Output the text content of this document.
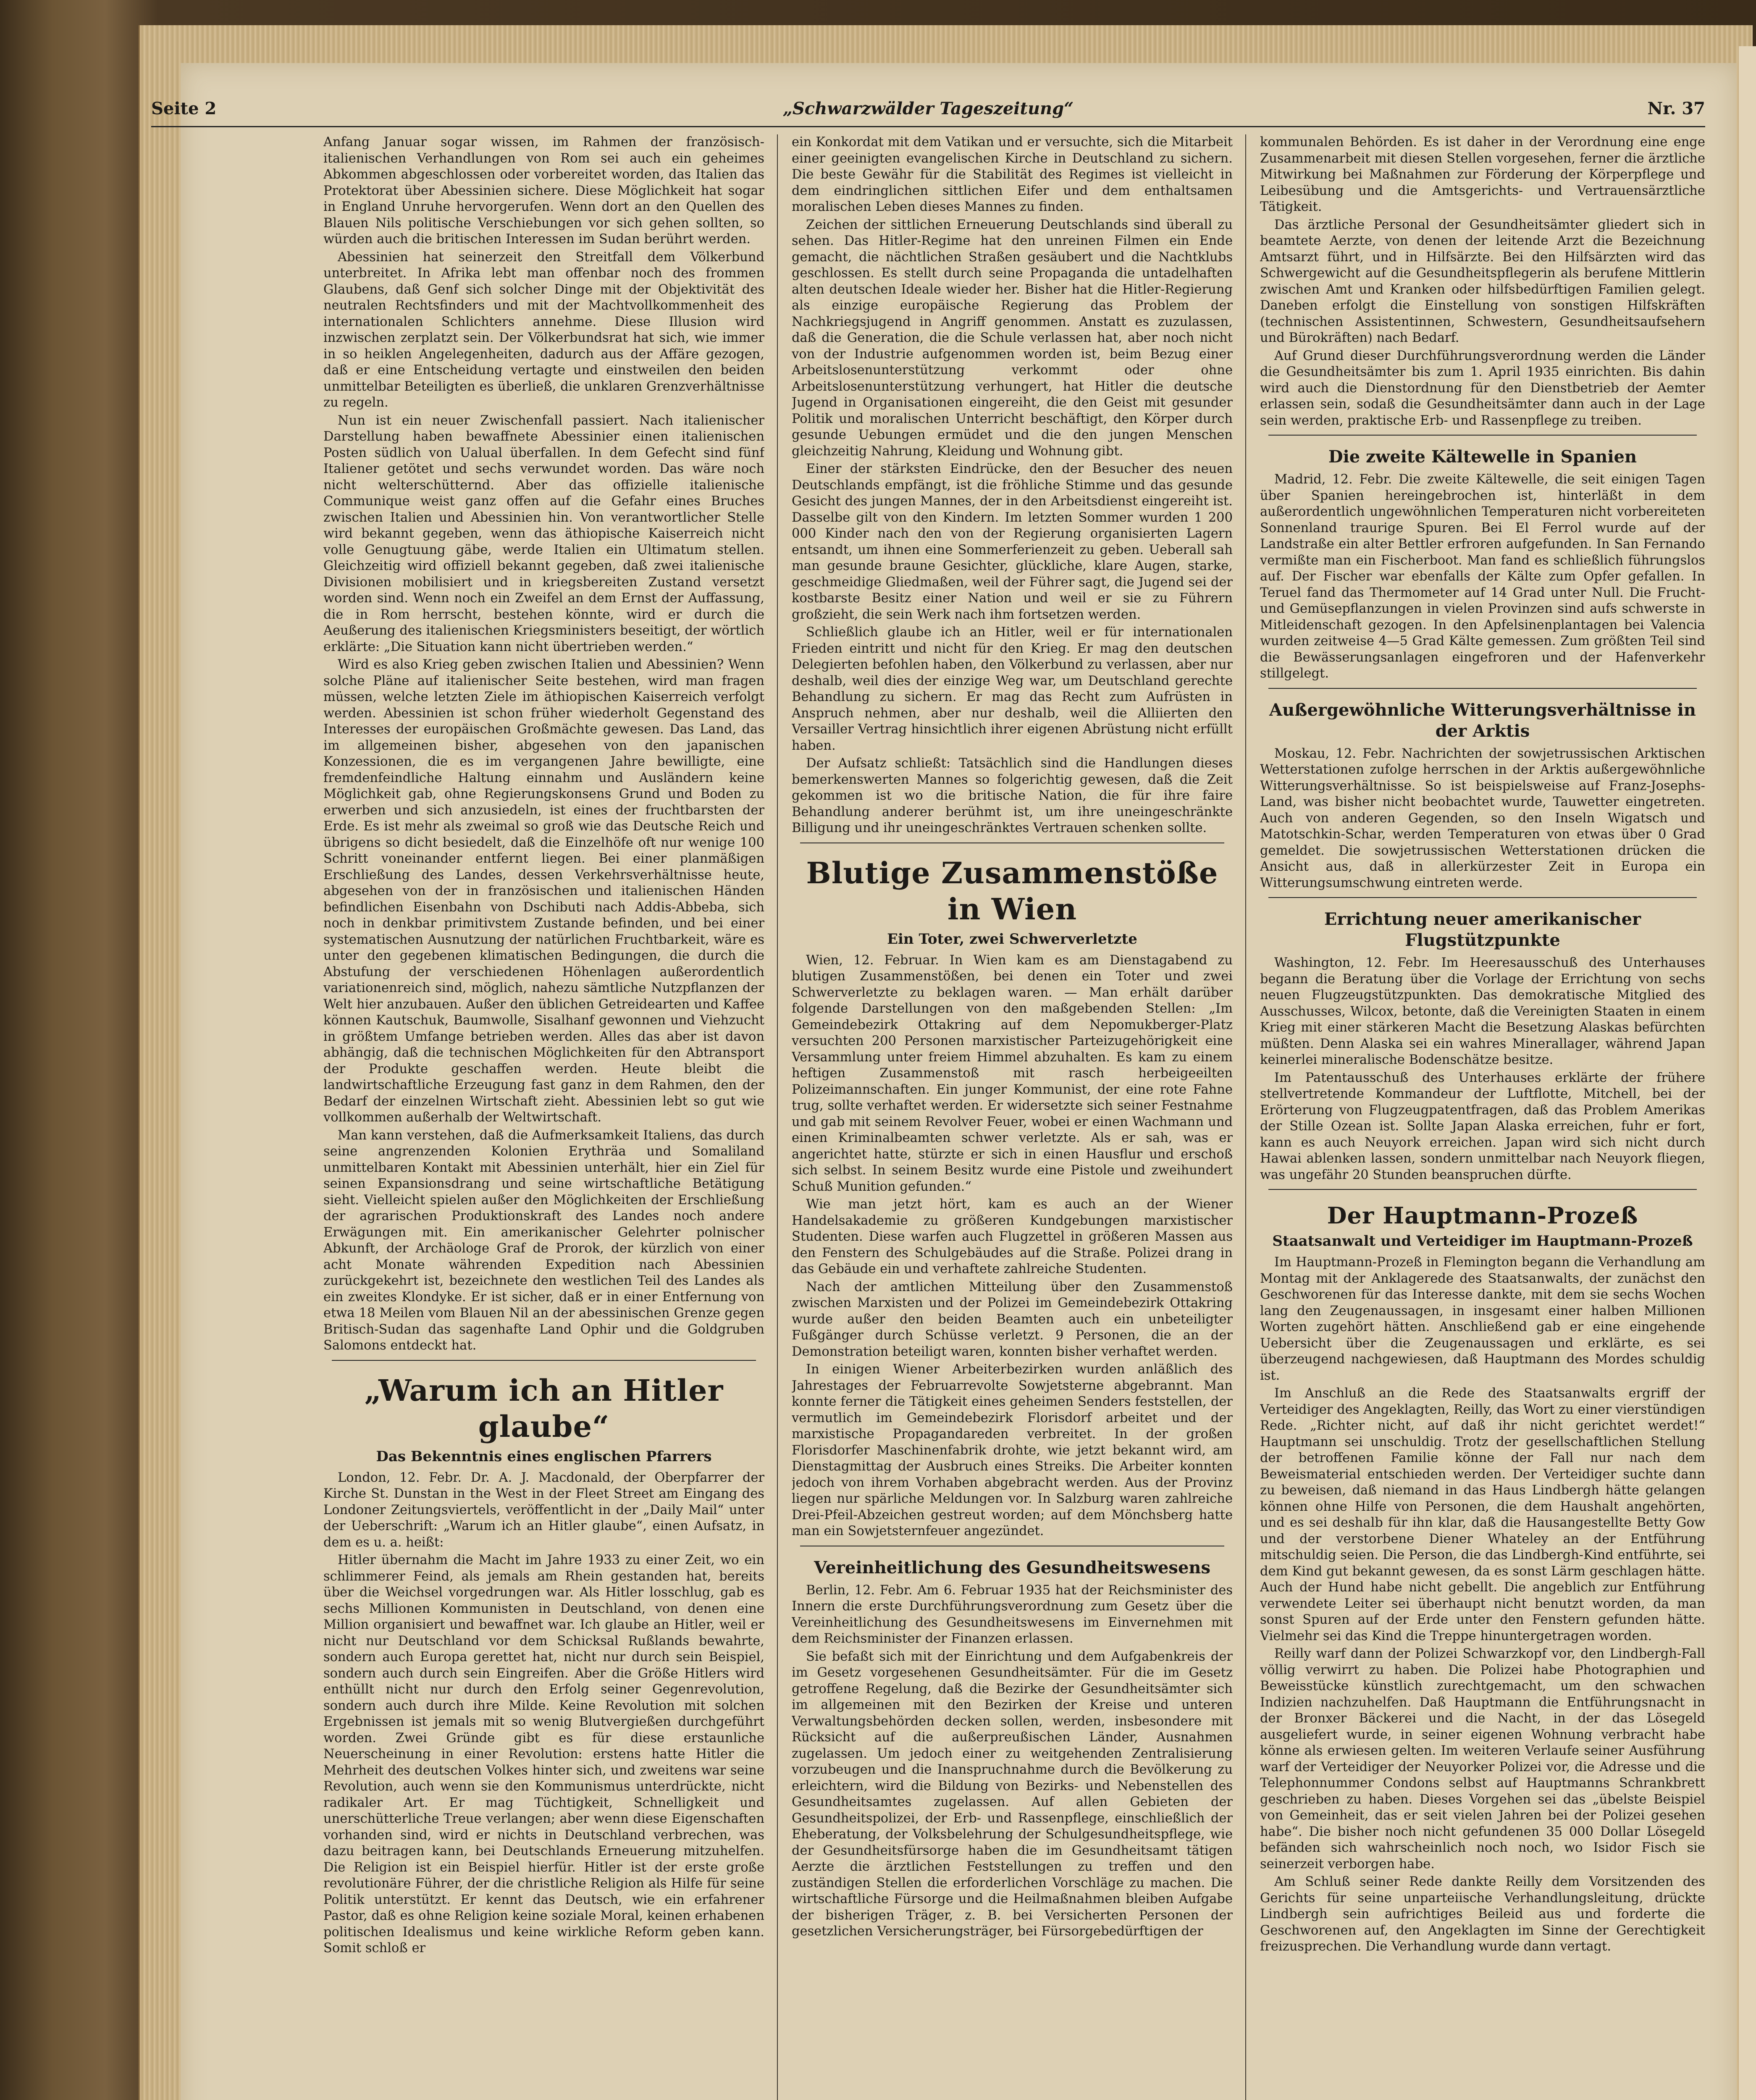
„Schwarzwälder Tageszeitung“
Seite 2	Nr. 37

Anfang Januar sogar wissen, im Rahmen der französisch-italienischen Verhandlungen von Rom sei auch ein geheimes Abkommen abgeschlossen oder vorbereitet worden, das Italien das Protektorat über Abessinien sichere. Diese Möglichkeit hat sogar in England Unruhe hervorgerufen. Wenn dort an den Quellen des Blauen Nils politische Verschiebungen vor sich gehen sollten, so würden auch die britischen Interessen im Sudan berührt werden.

Abessinien hat seinerzeit den Streitfall dem Völkerbund unterbreitet. In Afrika lebt man offenbar noch des frommen Glaubens, daß Genf sich solcher Dinge mit der Objektivität des neutralen Rechtsfinders und mit der Machtvollkommenheit des internationalen Schlichters annehme. Diese Illusion wird inzwischen zerplatzt sein. Der Völkerbundsrat hat sich, wie immer in so heiklen Angelegenheiten, dadurch aus der Affäre gezogen, daß er eine Entscheidung vertagte und einstweilen den beiden unmittelbar Beteiligten es überließ, die unklaren Grenzverhältnisse zu regeln.

Nun ist ein neuer Zwischenfall passiert. Nach italienischer Darstellung haben bewaffnete Abessinier einen italienischen Posten südlich von Ualual überfallen. In dem Gefecht sind fünf Italiener getötet und sechs verwundet worden. Das wäre noch nicht welterschütternd. Aber das offizielle italienische Communique weist ganz offen auf die Gefahr eines Bruches zwischen Italien und Abessinien hin. Von verantwortlicher Stelle wird bekannt gegeben, wenn das äthiopische Kaiserreich nicht volle Genugtuung gäbe, werde Italien ein Ultimatum stellen. Gleichzeitig wird offiziell bekannt gegeben, daß zwei italienische Divisionen mobilisiert und in kriegsbereiten Zustand versetzt worden sind. Wenn noch ein Zweifel an dem Ernst der Auffassung, die in Rom herrscht, bestehen könnte, wird er durch die Aeußerung des italienischen Kriegsministers beseitigt, der wörtlich erklärte: „Die Situation kann nicht übertrieben werden.“

Wird es also Krieg geben zwischen Italien und Abessinien? Wenn solche Pläne auf italienischer Seite bestehen, wird man fragen müssen, welche letzten Ziele im äthiopischen Kaiserreich verfolgt werden. Abessinien ist schon früher wiederholt Gegenstand des Interesses der europäischen Großmächte gewesen. Das Land, das im allgemeinen bisher, abgesehen von den japanischen Konzessionen, die es im vergangenen Jahre bewilligte, eine fremdenfeindliche Haltung einnahm und Ausländern keine Möglichkeit gab, ohne Regierungskonsens Grund und Boden zu erwerben und sich anzusiedeln, ist eines der fruchtbarsten der Erde. Es ist mehr als zweimal so groß wie das Deutsche Reich und übrigens so dicht besiedelt, daß die Einzelhöfe oft nur wenige 100 Schritt voneinander entfernt liegen. Bei einer planmäßigen Erschließung des Landes, dessen Verkehrsverhältnisse heute, abgesehen von der in französischen und italienischen Händen befindlichen Eisenbahn von Dschibuti nach Addis-Abbeba, sich noch in denkbar primitivstem Zustande befinden, und bei einer systematischen Ausnutzung der natürlichen Fruchtbarkeit, wäre es unter den gegebenen klimatischen Bedingungen, die durch die Abstufung der verschiedenen Höhenlagen außerordentlich variationenreich sind, möglich, nahezu sämtliche Nutzpflanzen der Welt hier anzubauen. Außer den üblichen Getreidearten und Kaffee können Kautschuk, Baumwolle, Sisalhanf gewonnen und Viehzucht in größtem Umfange betrieben werden. Alles das aber ist davon abhängig, daß die technischen Möglichkeiten für den Abtransport der Produkte geschaffen werden. Heute bleibt die landwirtschaftliche Erzeugung fast ganz in dem Rahmen, den der Bedarf der einzelnen Wirtschaft zieht. Abessinien lebt so gut wie vollkommen außerhalb der Weltwirtschaft.

Man kann verstehen, daß die Aufmerksamkeit Italiens, das durch seine angrenzenden Kolonien Erythräa und Somaliland unmittelbaren Kontakt mit Abessinien unterhält, hier ein Ziel für seinen Expansionsdrang und seine wirtschaftliche Betätigung sieht. Vielleicht spielen außer den Möglichkeiten der Erschließung der agrarischen Produktionskraft des Landes noch andere Erwägungen mit. Ein amerikanischer Gelehrter polnischer Abkunft, der Archäologe Graf de Prorok, der kürzlich von einer acht Monate währenden Expedition nach Abessinien zurückgekehrt ist, bezeichnete den westlichen Teil des Landes als ein zweites Klondyke. Er ist sicher, daß er in einer Entfernung von etwa 18 Meilen vom Blauen Nil an der abessinischen Grenze gegen Britisch-Sudan das sagenhafte Land Ophir und die Goldgruben Salomons entdeckt hat.

„Warum ich an Hitler glaube“
Das Bekenntnis eines englischen Pfarrers

London, 12. Febr. Dr. A. J. Macdonald, der Oberpfarrer der Kirche St. Dunstan in the West in der Fleet Street am Eingang des Londoner Zeitungsviertels, veröffentlicht in der „Daily Mail“ unter der Ueberschrift: „Warum ich an Hitler glaube“, einen Aufsatz, in dem es u. a. heißt:

Hitler übernahm die Macht im Jahre 1933 zu einer Zeit, wo ein schlimmerer Feind, als jemals am Rhein gestanden hat, bereits über die Weichsel vorgedrungen war. Als Hitler losschlug, gab es sechs Millionen Kommunisten in Deutschland, von denen eine Million organisiert und bewaffnet war. Ich glaube an Hitler, weil er nicht nur Deutschland vor dem Schicksal Rußlands bewahrte, sondern auch Europa gerettet hat, nicht nur durch sein Beispiel, sondern auch durch sein Eingreifen. Aber die Größe Hitlers wird enthüllt nicht nur durch den Erfolg seiner Gegenrevolution, sondern auch durch ihre Milde. Keine Revolution mit solchen Ergebnissen ist jemals mit so wenig Blutvergießen durchgeführt worden. Zwei Gründe gibt es für diese erstaunliche Neuerscheinung in einer Revolution: erstens hatte Hitler die Mehrheit des deutschen Volkes hinter sich, und zweitens war seine Revolution, auch wenn sie den Kommunismus unterdrückte, nicht radikaler Art. Er mag Tüchtigkeit, Schnelligkeit und unerschütterliche Treue verlangen; aber wenn diese Eigenschaften vorhanden sind, wird er nichts in Deutschland verbrechen, was dazu beitragen kann, bei Deutschlands Erneuerung mitzuhelfen. Die Religion ist ein Beispiel hierfür. Hitler ist der erste große revolutionäre Führer, der die christliche Religion als Hilfe für seine Politik unterstützt. Er kennt das Deutsch, wie ein erfahrener Pastor, daß es ohne Religion keine soziale Moral, keinen erhabenen politischen Idealismus und keine wirkliche Reform geben kann. Somit schloß er

ein Konkordat mit dem Vatikan und er versuchte, sich die Mitarbeit einer geeinigten evangelischen Kirche in Deutschland zu sichern. Die beste Gewähr für die Stabilität des Regimes ist vielleicht in dem eindringlichen sittlichen Eifer und dem enthaltsamen moralischen Leben dieses Mannes zu finden.

Zeichen der sittlichen Erneuerung Deutschlands sind überall zu sehen. Das Hitler-Regime hat den unreinen Filmen ein Ende gemacht, die nächtlichen Straßen gesäubert und die Nachtklubs geschlossen. Es stellt durch seine Propaganda die untadelhaften alten deutschen Ideale wieder her. Bisher hat die Hitler-Regierung als einzige europäische Regierung das Problem der Nachkriegsjugend in Angriff genommen. Anstatt es zuzulassen, daß die Generation, die die Schule verlassen hat, aber noch nicht von der Industrie aufgenommen worden ist, beim Bezug einer Arbeitslosenunterstützung verkommt oder ohne Arbeitslosenunterstützung verhungert, hat Hitler die deutsche Jugend in Organisationen eingereiht, die den Geist mit gesunder Politik und moralischen Unterricht beschäftigt, den Körper durch gesunde Uebungen ermüdet und die den jungen Menschen gleichzeitig Nahrung, Kleidung und Wohnung gibt.

Einer der stärksten Eindrücke, den der Besucher des neuen Deutschlands empfängt, ist die fröhliche Stimme und das gesunde Gesicht des jungen Mannes, der in den Arbeitsdienst eingereiht ist. Dasselbe gilt von den Kindern. Im letzten Sommer wurden 1 200 000 Kinder nach den von der Regierung organisierten Lagern entsandt, um ihnen eine Sommerferienzeit zu geben. Ueberall sah man gesunde braune Gesichter, glückliche, klare Augen, starke, geschmeidige Gliedmaßen, weil der Führer sagt, die Jugend sei der kostbarste Besitz einer Nation und weil er sie zu Führern großzieht, die sein Werk nach ihm fortsetzen werden.

Schließlich glaube ich an Hitler, weil er für internationalen Frieden eintritt und nicht für den Krieg. Er mag den deutschen Delegierten befohlen haben, den Völkerbund zu verlassen, aber nur deshalb, weil dies der einzige Weg war, um Deutschland gerechte Behandlung zu sichern. Er mag das Recht zum Aufrüsten in Anspruch nehmen, aber nur deshalb, weil die Alliierten den Versailler Vertrag hinsichtlich ihrer eigenen Abrüstung nicht erfüllt haben.

Der Aufsatz schließt: Tatsächlich sind die Handlungen dieses bemerkenswerten Mannes so folgerichtig gewesen, daß die Zeit gekommen ist wo die britische Nation, die für ihre faire Behandlung anderer berühmt ist, um ihre uneingeschränkte Billigung und ihr uneingeschränktes Vertrauen schenken sollte.

Blutige Zusammenstöße in Wien
Ein Toter, zwei Schwerverletzte

Wien, 12. Februar. In Wien kam es am Dienstagabend zu blutigen Zusammenstößen, bei denen ein Toter und zwei Schwerverletzte zu beklagen waren. — Man erhält darüber folgende Darstellungen von den maßgebenden Stellen: „Im Gemeindebezirk Ottakring auf dem Nepomukberger-Platz versuchten 200 Personen marxistischer Parteizugehörigkeit eine Versammlung unter freiem Himmel abzuhalten. Es kam zu einem heftigen Zusammenstoß mit rasch herbeigeeilten Polizeimannschaften. Ein junger Kommunist, der eine rote Fahne trug, sollte verhaftet werden. Er widersetzte sich seiner Festnahme und gab mit seinem Revolver Feuer, wobei er einen Wachmann und einen Kriminalbeamten schwer verletzte. Als er sah, was er angerichtet hatte, stürzte er sich in einen Hausflur und erschoß sich selbst. In seinem Besitz wurde eine Pistole und zweihundert Schuß Munition gefunden.“

Wie man jetzt hört, kam es auch an der Wiener Handelsakademie zu größeren Kundgebungen marxistischer Studenten. Diese warfen auch Flugzettel in größeren Massen aus den Fenstern des Schulgebäudes auf die Straße. Polizei drang in das Gebäude ein und verhaftete zahlreiche Studenten.

Nach der amtlichen Mitteilung über den Zusammenstoß zwischen Marxisten und der Polizei im Gemeindebezirk Ottakring wurde außer den beiden Beamten auch ein unbeteiligter Fußgänger durch Schüsse verletzt. 9 Personen, die an der Demonstration beteiligt waren, konnten bisher verhaftet werden.

In einigen Wiener Arbeiterbezirken wurden anläßlich des Jahrestages der Februarrevolte Sowjetsterne abgebrannt. Man konnte ferner die Tätigkeit eines geheimen Senders feststellen, der vermutlich im Gemeindebezirk Florisdorf arbeitet und der marxistische Propagandareden verbreitet. In der großen Florisdorfer Maschinenfabrik drohte, wie jetzt bekannt wird, am Dienstagmittag der Ausbruch eines Streiks. Die Arbeiter konnten jedoch von ihrem Vorhaben abgebracht werden. Aus der Provinz liegen nur spärliche Meldungen vor. In Salzburg waren zahlreiche Drei-Pfeil-Abzeichen gestreut worden; auf dem Mönchsberg hatte man ein Sowjetsternfeuer angezündet.

Vereinheitlichung des Gesundheitswesens

Berlin, 12. Febr. Am 6. Februar 1935 hat der Reichsminister des Innern die erste Durchführungsverordnung zum Gesetz über die Vereinheitlichung des Gesundheitswesens im Einvernehmen mit dem Reichsminister der Finanzen erlassen.

Sie befaßt sich mit der Einrichtung und dem Aufgabenkreis der im Gesetz vorgesehenen Gesundheitsämter. Für die im Gesetz getroffene Regelung, daß die Bezirke der Gesundheitsämter sich im allgemeinen mit den Bezirken der Kreise und unteren Verwaltungsbehörden decken sollen, werden, insbesondere mit Rücksicht auf die außerpreußischen Länder, Ausnahmen zugelassen. Um jedoch einer zu weitgehenden Zentralisierung vorzubeugen und die Inanspruchnahme durch die Bevölkerung zu erleichtern, wird die Bildung von Bezirks- und Nebenstellen des Gesundheitsamtes zugelassen. Auf allen Gebieten der Gesundheitspolizei, der Erb- und Rassenpflege, einschließlich der Eheberatung, der Volksbelehrung der Schulgesundheitspflege, wie der Gesundheitsfürsorge haben die im Gesundheitsamt tätigen Aerzte die ärztlichen Feststellungen zu treffen und den zuständigen Stellen die erforderlichen Vorschläge zu machen. Die wirtschaftliche Fürsorge und die Heilmaßnahmen bleiben Aufgabe der bisherigen Träger, z. B. bei Versicherten Personen der gesetzlichen Versicherungsträger, bei Fürsorgebedürftigen der

kommunalen Behörden. Es ist daher in der Verordnung eine enge Zusammenarbeit mit diesen Stellen vorgesehen, ferner die ärztliche Mitwirkung bei Maßnahmen zur Förderung der Körperpflege und Leibesübung und die Amtsgerichts- und Vertrauensärztliche Tätigkeit.

Das ärztliche Personal der Gesundheitsämter gliedert sich in beamtete Aerzte, von denen der leitende Arzt die Bezeichnung Amtsarzt führt, und in Hilfsärzte. Bei den Hilfsärzten wird das Schwergewicht auf die Gesundheitspflegerin als berufene Mittlerin zwischen Amt und Kranken oder hilfsbedürftigen Familien gelegt. Daneben erfolgt die Einstellung von sonstigen Hilfskräften (technischen Assistentinnen, Schwestern, Gesundheitsaufsehern und Bürokräften) nach Bedarf.

Auf Grund dieser Durchführungsverordnung werden die Länder die Gesundheitsämter bis zum 1. April 1935 einrichten. Bis dahin wird auch die Dienstordnung für den Dienstbetrieb der Aemter erlassen sein, sodaß die Gesundheitsämter dann auch in der Lage sein werden, praktische Erb- und Rassenpflege zu treiben.

Die zweite Kältewelle in Spanien

Madrid, 12. Febr. Die zweite Kältewelle, die seit einigen Tagen über Spanien hereingebrochen ist, hinterläßt in dem außerordentlich ungewöhnlichen Temperaturen nicht vorbereiteten Sonnenland traurige Spuren. Bei El Ferrol wurde auf der Landstraße ein alter Bettler erfroren aufgefunden. In San Fernando vermißte man ein Fischerboot. Man fand es schließlich führungslos auf. Der Fischer war ebenfalls der Kälte zum Opfer gefallen. In Teruel fand das Thermometer auf 14 Grad unter Null. Die Frucht- und Gemüsepflanzungen in vielen Provinzen sind aufs schwerste in Mitleidenschaft gezogen. In den Apfelsinenplantagen bei Valencia wurden zeitweise 4—5 Grad Kälte gemessen. Zum größten Teil sind die Bewässerungsanlagen eingefroren und der Hafenverkehr stillgelegt.

Außergewöhnliche Witterungsverhältnisse in der Arktis

Moskau, 12. Febr. Nachrichten der sowjetrussischen Arktischen Wetterstationen zufolge herrschen in der Arktis außergewöhnliche Witterungsverhältnisse. So ist beispielsweise auf Franz-Josephs-Land, was bisher nicht beobachtet wurde, Tauwetter eingetreten. Auch von anderen Gegenden, so den Inseln Wigatsch und Matotschkin-Schar, werden Temperaturen von etwas über 0 Grad gemeldet. Die sowjetrussischen Wetterstationen drücken die Ansicht aus, daß in allerkürzester Zeit in Europa ein Witterungsumschwung eintreten werde.

Errichtung neuer amerikanischer Flugstützpunkte

Washington, 12. Febr. Im Heeresausschuß des Unterhauses begann die Beratung über die Vorlage der Errichtung von sechs neuen Flugzeugstützpunkten. Das demokratische Mitglied des Ausschusses, Wilcox, betonte, daß die Vereinigten Staaten in einem Krieg mit einer stärkeren Macht die Besetzung Alaskas befürchten müßten. Denn Alaska sei ein wahres Minerallager, während Japan keinerlei mineralische Bodenschätze besitze.

Im Patentausschuß des Unterhauses erklärte der frühere stellvertretende Kommandeur der Luftflotte, Mitchell, bei der Erörterung von Flugzeugpatentfragen, daß das Problem Amerikas der Stille Ozean ist. Sollte Japan Alaska erreichen, fuhr er fort, kann es auch Neuyork erreichen. Japan wird sich nicht durch Hawai ablenken lassen, sondern unmittelbar nach Neuyork fliegen, was ungefähr 20 Stunden beanspruchen dürfte.

Der Hauptmann-Prozeß
Staatsanwalt und Verteidiger im Hauptmann-Prozeß

Im Hauptmann-Prozeß in Flemington begann die Verhandlung am Montag mit der Anklagerede des Staatsanwalts, der zunächst den Geschworenen für das Interesse dankte, mit dem sie sechs Wochen lang den Zeugenaussagen, in insgesamt einer halben Millionen Worten zugehört hätten. Anschließend gab er eine eingehende Uebersicht über die Zeugenaussagen und erklärte, es sei überzeugend nachgewiesen, daß Hauptmann des Mordes schuldig ist.

Im Anschluß an die Rede des Staatsanwalts ergriff der Verteidiger des Angeklagten, Reilly, das Wort zu einer vierstündigen Rede. „Richter nicht, auf daß ihr nicht gerichtet werdet!“ Hauptmann sei unschuldig. Trotz der gesellschaftlichen Stellung der betroffenen Familie könne der Fall nur nach dem Beweismaterial entschieden werden. Der Verteidiger suchte dann zu beweisen, daß niemand in das Haus Lindbergh hätte gelangen können ohne Hilfe von Personen, die dem Haushalt angehörten, und es sei deshalb für ihn klar, daß die Hausangestellte Betty Gow und der verstorbene Diener Whateley an der Entführung mitschuldig seien. Die Person, die das Lindbergh-Kind entführte, sei dem Kind gut bekannt gewesen, da es sonst Lärm geschlagen hätte. Auch der Hund habe nicht gebellt. Die angeblich zur Entführung verwendete Leiter sei überhaupt nicht benutzt worden, da man sonst Spuren auf der Erde unter den Fenstern gefunden hätte. Vielmehr sei das Kind die Treppe hinuntergetragen worden.

Reilly warf dann der Polizei Schwarzkopf vor, den Lindbergh-Fall völlig verwirrt zu haben. Die Polizei habe Photographien und Beweisstücke künstlich zurechtgemacht, um den schwachen Indizien nachzuhelfen. Daß Hauptmann die Entführungsnacht in der Bronxer Bäckerei und die Nacht, in der das Lösegeld ausgeliefert wurde, in seiner eigenen Wohnung verbracht habe könne als erwiesen gelten. Im weiteren Verlaufe seiner Ausführung warf der Verteidiger der Neuyorker Polizei vor, die Adresse und die Telephonnummer Condons selbst auf Hauptmanns Schrankbrett geschrieben zu haben. Dieses Vorgehen sei das „übelste Beispiel von Gemeinheit, das er seit vielen Jahren bei der Polizei gesehen habe“. Die bisher noch nicht gefundenen 35 000 Dollar Lösegeld befänden sich wahrscheinlich noch noch, wo Isidor Fisch sie seinerzeit verborgen habe.

Am Schluß seiner Rede dankte Reilly dem Vorsitzenden des Gerichts für seine unparteiische Verhandlungsleitung, drückte Lindbergh sein aufrichtiges Beileid aus und forderte die Geschworenen auf, den Angeklagten im Sinne der Gerechtigkeit freizusprechen. Die Verhandlung wurde dann vertagt.
